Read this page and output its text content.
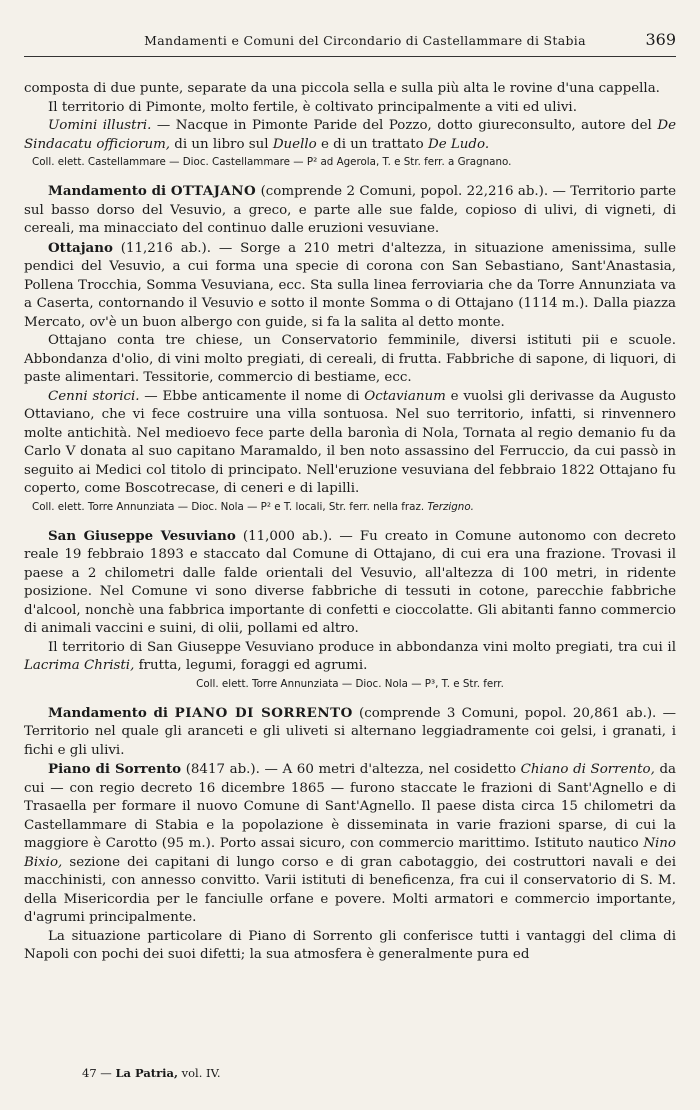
Mandamenti e Comuni del Circondario di Castellammare di Stabia	369

composta di due punte, separate da una piccola sella e sulla più alta le rovine d'una cappella.

Il territorio di Pimonte, molto fertile, è coltivato principalmente a viti ed ulivi.

Uomini illustri. — Nacque in Pimonte Paride del Pozzo, dotto giureconsulto, autore del De Sindacatu officiorum, di un libro sul Duello e di un trattato De Ludo.

Coll. elett. Castellammare — Dioc. Castellammare — P² ad Agerola, T. e Str. ferr. a Gragnano.

Mandamento di OTTAJANO (comprende 2 Comuni, popol. 22,216 ab.). — Territorio parte sul basso dorso del Vesuvio, a greco, e parte alle sue falde, copioso di ulivi, di vigneti, di cereali, ma minacciato del continuo dalle eruzioni vesuviane.

Ottajano (11,216 ab.). — Sorge a 210 metri d'altezza, in situazione amenissima, sulle pendici del Vesuvio, a cui forma una specie di corona con San Sebastiano, Sant'Anastasia, Pollena Trocchia, Somma Vesuviana, ecc. Sta sulla linea ferroviaria che da Torre Annunziata va a Caserta, contornando il Vesuvio e sotto il monte Somma o di Ottajano (1114 m.). Dalla piazza Mercato, ov'è un buon albergo con guide, si fa la salita al detto monte.

Ottajano conta tre chiese, un Conservatorio femminile, diversi istituti pii e scuole. Abbondanza d'olio, di vini molto pregiati, di cereali, di frutta. Fabbriche di sapone, di liquori, di paste alimentari. Tessitorie, commercio di bestiame, ecc.

Cenni storici. — Ebbe anticamente il nome di Octavianum e vuolsi gli derivasse da Augusto Ottaviano, che vi fece costruire una villa sontuosa. Nel suo territorio, infatti, si rinvennero molte antichità. Nel medioevo fece parte della baronìa di Nola, Tornata al regio demanio fu da Carlo V donata al suo capitano Maramaldo, il ben noto assassino del Ferruccio, da cui passò in seguito ai Medici col titolo di principato. Nell'eruzione vesuviana del febbraio 1822 Ottajano fu coperto, come Boscotrecase, di ceneri e di lapilli.

Coll. elett. Torre Annunziata — Dioc. Nola — P² e T. locali, Str. ferr. nella fraz. Terzigno.

San Giuseppe Vesuviano (11,000 ab.). — Fu creato in Comune autonomo con decreto reale 19 febbraio 1893 e staccato dal Comune di Ottajano, di cui era una frazione. Trovasi il paese a 2 chilometri dalle falde orientali del Vesuvio, all'altezza di 100 metri, in ridente posizione. Nel Comune vi sono diverse fabbriche di tessuti in cotone, parecchie fabbriche d'alcool, nonchè una fabbrica importante di confetti e cioccolatte. Gli abitanti fanno commercio di animali vaccini e suini, di olii, pollami ed altro.

Il territorio di San Giuseppe Vesuviano produce in abbondanza vini molto pregiati, tra cui il Lacrima Christi, frutta, legumi, foraggi ed agrumi.

Coll. elett. Torre Annunziata — Dioc. Nola — P³, T. e Str. ferr.

Mandamento di PIANO DI SORRENTO (comprende 3 Comuni, popol. 20,861 ab.). — Territorio nel quale gli aranceti e gli uliveti si alternano leggiadramente coi gelsi, i granati, i fichi e gli ulivi.

Piano di Sorrento (8417 ab.). — A 60 metri d'altezza, nel cosidetto Chiano di Sorrento, da cui — con regio decreto 16 dicembre 1865 — furono staccate le frazioni di Sant'Agnello e di Trasaella per formare il nuovo Comune di Sant'Agnello. Il paese dista circa 15 chilometri da Castellammare di Stabia e la popolazione è disseminata in varie frazioni sparse, di cui la maggiore è Carotto (95 m.). Porto assai sicuro, con commercio marittimo. Istituto nautico Nino Bixio, sezione dei capitani di lungo corso e di gran cabotaggio, dei costruttori navali e dei macchinisti, con annesso convitto. Varii istituti di beneficenza, fra cui il conservatorio di S. M. della Misericordia per le fanciulle orfane e povere. Molti armatori e commercio importante, d'agrumi principalmente.

La situazione particolare di Piano di Sorrento gli conferisce tutti i vantaggi del clima di Napoli con pochi dei suoi difetti; la sua atmosfera è generalmente pura ed

47 — La Patria, vol. IV.
